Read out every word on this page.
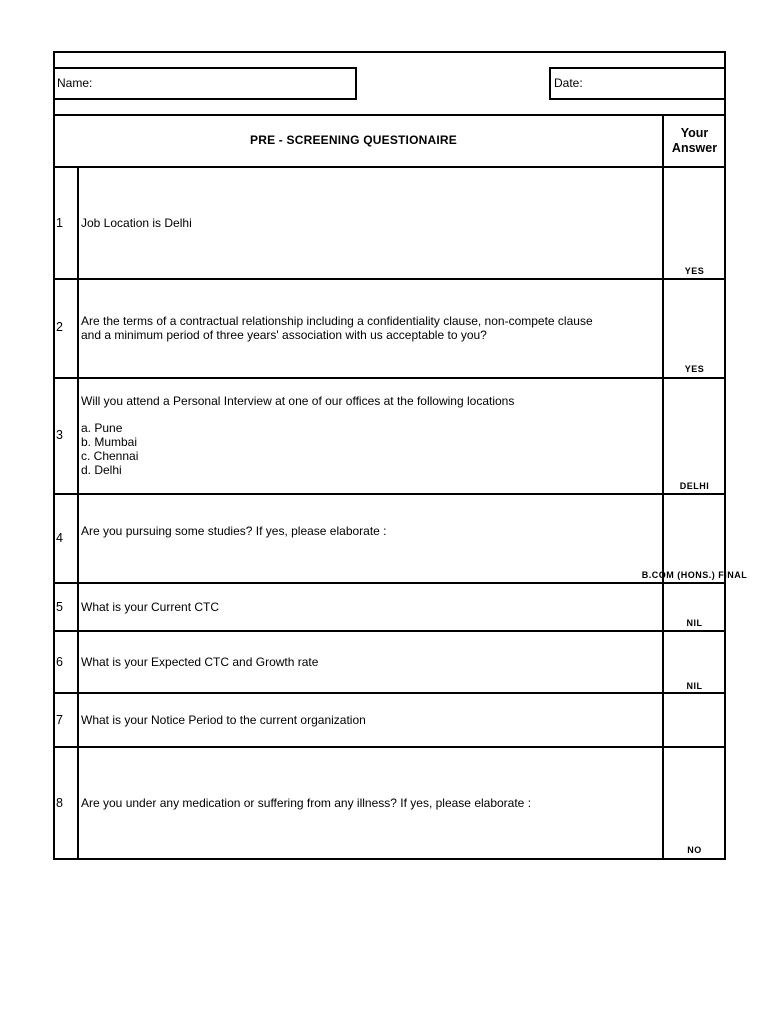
Name:	Date:
PRE - SCREENING QUESTIONAIRE	Your
Answer
1 Job Location is Delhi
YES
2 Are the terms of a contractual relationship including a confidentiality clause, non-compete clause
and a minimum period of three years' association with us acceptable to you?
YES
3
Will you attend a Personal Interview at one of our offices at the following locations
a. Pune
b. Mumbai
c. Chennai
d. Delhi
DELHI
4 Are you pursuing some studies? If yes, please elaborate :
B.COM (HONS.) FINAL
5 What is your Current CTC
NIL
6 What is your Expected CTC and Growth rate
NIL
7 What is your Notice Period to the current organization
8 Are you under any medication or suffering from any illness? If yes, please elaborate :
NO
